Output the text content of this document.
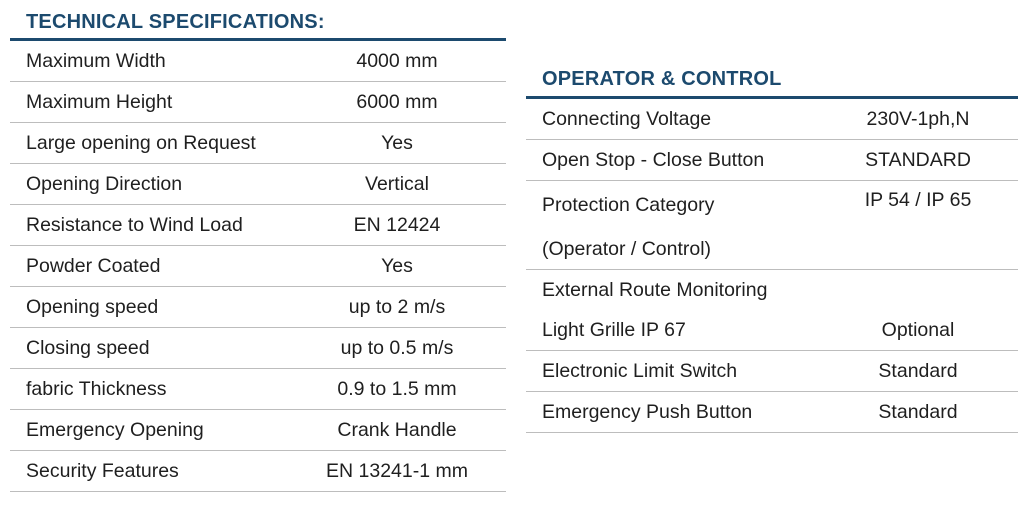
TECHNICAL SPECIFICATIONS:
Maximum Width	4000 mm
Maximum Height	6000 mm
Large opening on Request	Yes
Opening Direction	Vertical
Resistance to Wind Load	EN 12424
Powder Coated	Yes
Opening speed	up to 2 m/s
Closing speed	up to 0.5 m/s
fabric Thickness	0.9 to 1.5 mm
Emergency Opening	Crank Handle
Security Features	EN 13241-1 mm
OPERATOR & CONTROL
Connecting Voltage	230V-1ph,N
Open Stop - Close Button	STANDARD
Protection Category	IP 54 / IP 65
(Operator / Control)	
External Route Monitoring	
Light Grille IP 67	Optional
Electronic Limit Switch	Standard
Emergency Push Button	Standard
